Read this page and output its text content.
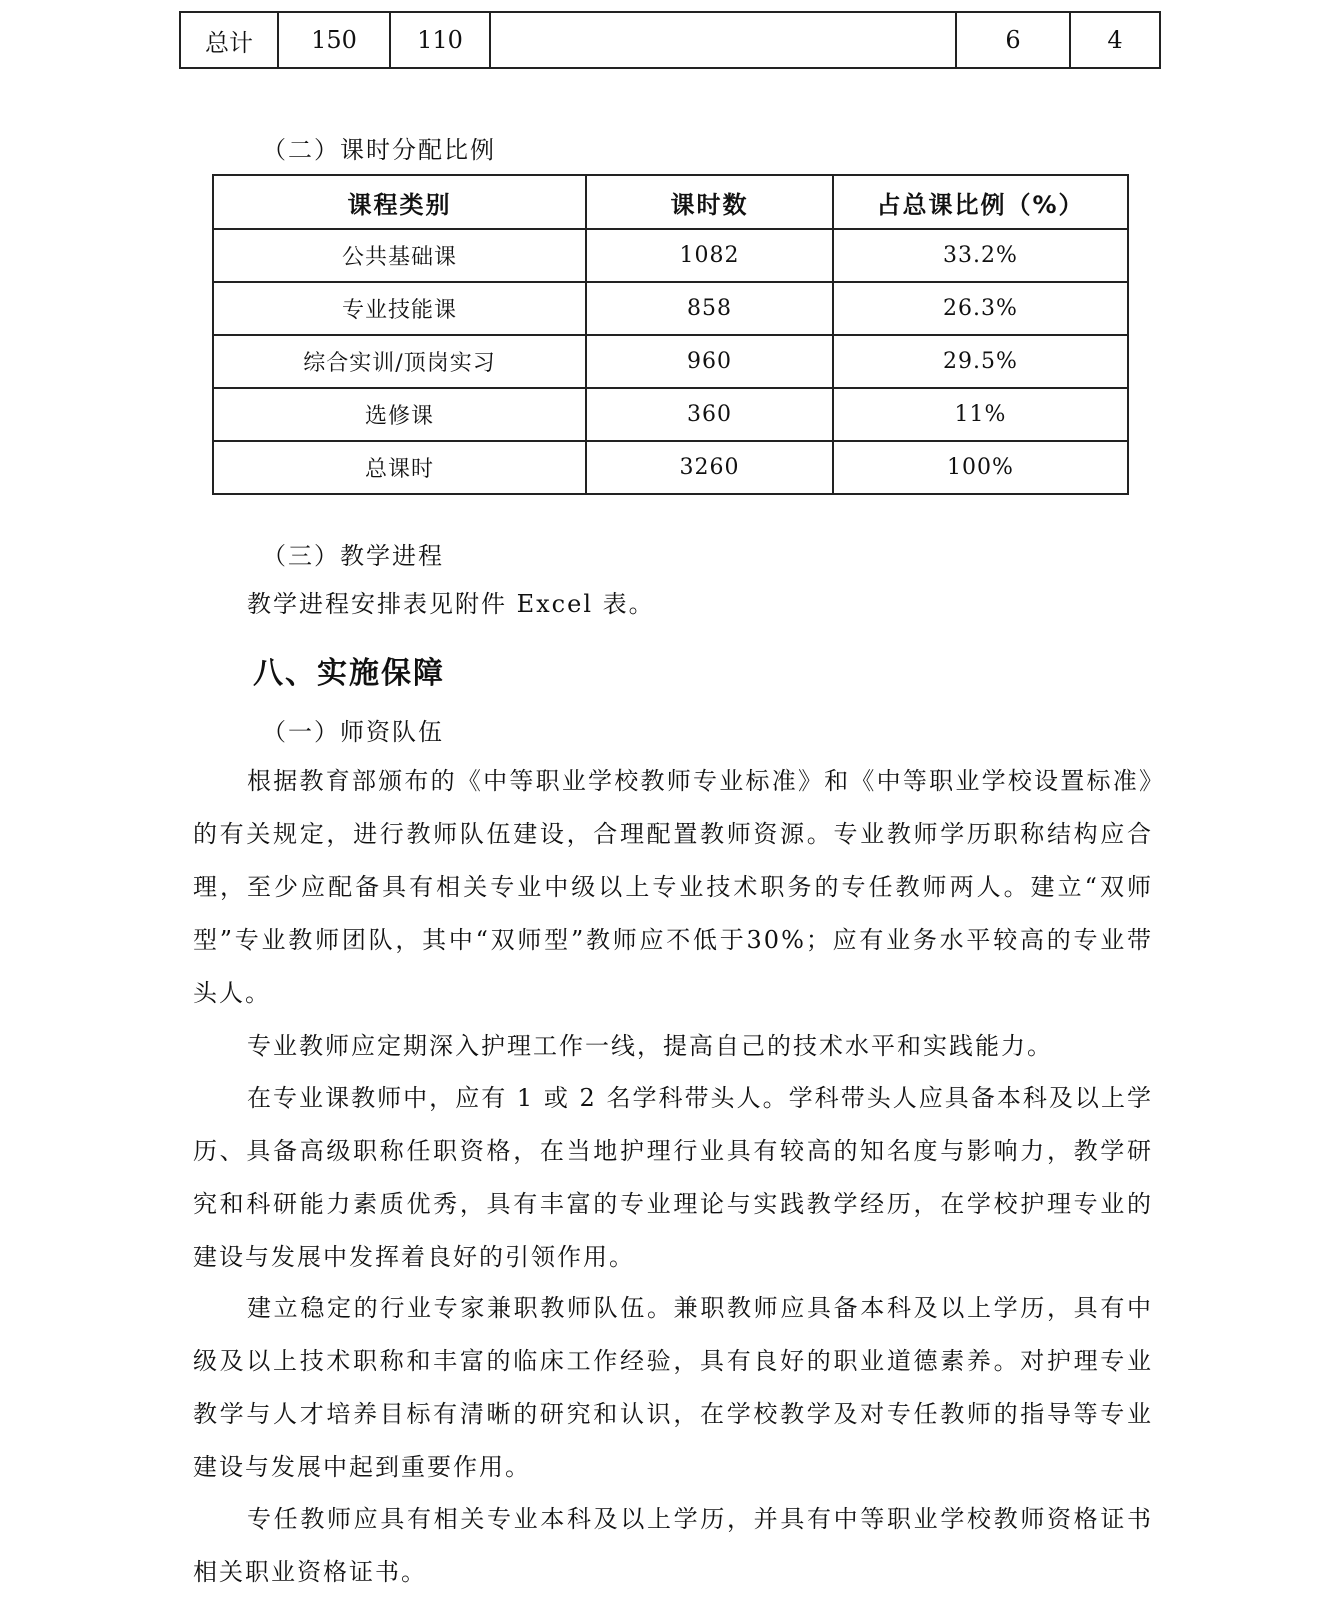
总计	150	110		6	4
（二）课时分配比例
课程类别	课时数	占总课比例（%）
公共基础课	1082	33.2%
专业技能课	858	26.3%
综合实训/顶岗实习	960	29.5%
选修课	360	11%
总课时	3260	100%
（三）教学进程

教学进程安排表见附件 Excel 表。

八、实施保障
（一）师资队伍

根据教育部颁布的《中等职业学校教师专业标准》和《中等职业学校设置标准》的有关规定，进行教师队伍建设，合理配置教师资源。专业教师学历职称结构应合理，至少应配备具有相关专业中级以上专业技术职务的专任教师两人。建立“双师型”专业教师团队，其中“双师型”教师应不低于30%；应有业务水平较高的专业带头人。

专业教师应定期深入护理工作一线，提高自己的技术水平和实践能力。

在专业课教师中，应有 1 或 2 名学科带头人。学科带头人应具备本科及以上学历、具备高级职称任职资格，在当地护理行业具有较高的知名度与影响力，教学研究和科研能力素质优秀，具有丰富的专业理论与实践教学经历，在学校护理专业的建设与发展中发挥着良好的引领作用。

建立稳定的行业专家兼职教师队伍。兼职教师应具备本科及以上学历，具有中级及以上技术职称和丰富的临床工作经验，具有良好的职业道德素养。对护理专业教学与人才培养目标有清晰的研究和认识，在学校教学及对专任教师的指导等专业建设与发展中起到重要作用。

专任教师应具有相关专业本科及以上学历，并具有中等职业学校教师资格证书相关职业资格证书。
